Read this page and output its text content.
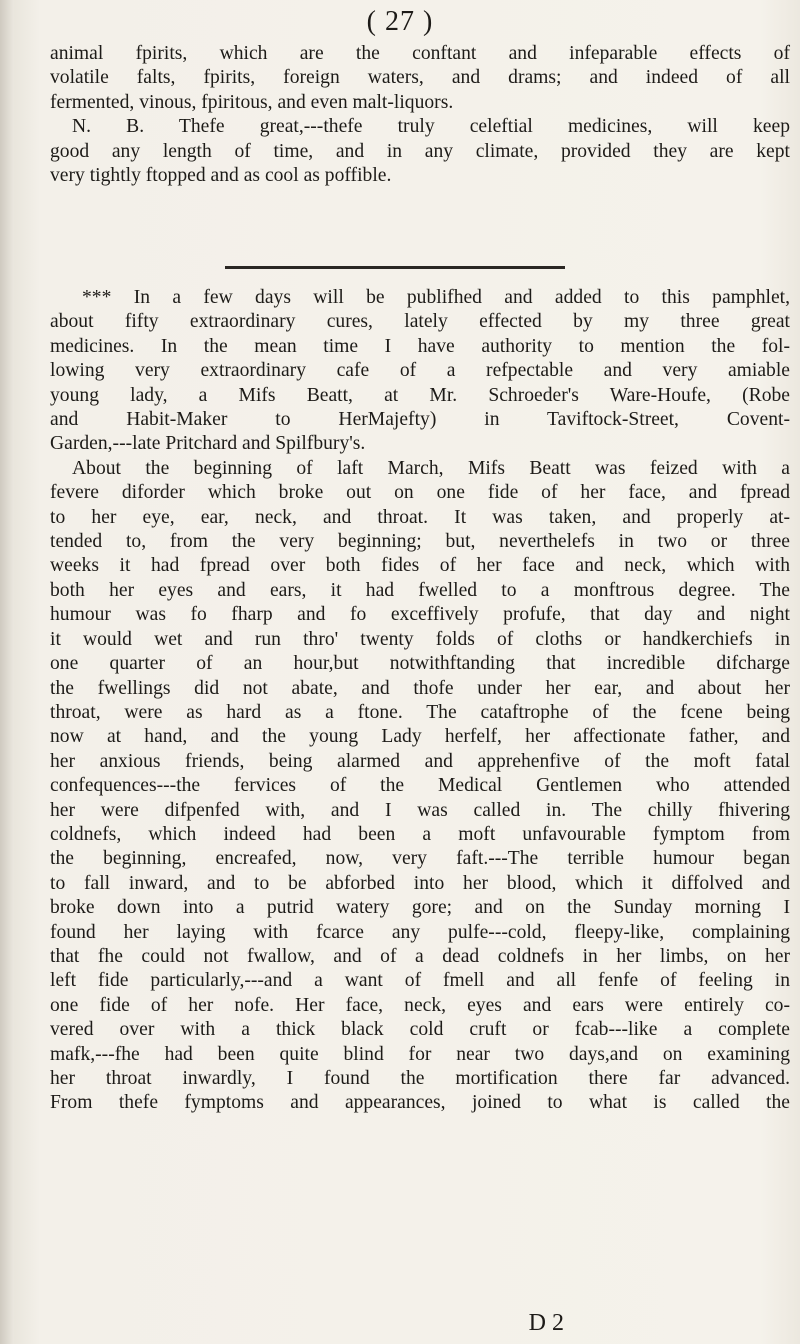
( 27 )

animal fpirits, which are the conftant and infeparable effects of
volatile falts, fpirits, foreign waters, and drams; and indeed of all
fermented, vinous, fpiritous, and even malt-liquors.

N. B. Thefe great,---thefe truly celeftial medicines, will keep
good any length of time, and in any climate, provided they are kept
very tightly ftopped and as cool as poffible.

*** In a few days will be publifhed and added to this pamphlet,
about fifty extraordinary cures, lately effected by my three great
medicines. In the mean time I have authority to mention the fol-
lowing very extraordinary cafe of a refpectable and very amiable
young lady, a Mifs Beatt, at Mr. Schroeder's Ware-Houfe, (Robe
and Habit-Maker to HerMajefty) in Taviftock-Street, Covent-
Garden,---late Pritchard and Spilfbury's.

About the beginning of laft March, Mifs Beatt was feized with a
fevere diforder which broke out on one fide of her face, and fpread
to her eye, ear, neck, and throat. It was taken, and properly at-
tended to, from the very beginning; but, neverthelefs in two or three
weeks it had fpread over both fides of her face and neck, which with
both her eyes and ears, it had fwelled to a monftrous degree. The
humour was fo fharp and fo exceffively profufe, that day and night
it would wet and run thro' twenty folds of cloths or handkerchiefs in
one quarter of an hour,but notwithftanding that incredible difcharge
the fwellings did not abate, and thofe under her ear, and about her
throat, were as hard as a ftone. The cataftrophe of the fcene being
now at hand, and the young Lady herfelf, her affectionate father, and
her anxious friends, being alarmed and apprehenfive of the moft fatal
confequences---the fervices of the Medical Gentlemen who attended
her were difpenfed with, and I was called in. The chilly fhivering
coldnefs, which indeed had been a moft unfavourable fymptom from
the beginning, encreafed, now, very faft.---The terrible humour began
to fall inward, and to be abforbed into her blood, which it diffolved and
broke down into a putrid watery gore; and on the Sunday morning I
found her laying with fcarce any pulfe---cold, fleepy-like, complaining
that fhe could not fwallow, and of a dead coldnefs in her limbs, on her
left fide particularly,---and a want of fmell and all fenfe of feeling in
one fide of her nofe. Her face, neck, eyes and ears were entirely co-
vered over with a thick black cold cruft or fcab---like a complete
mafk,---fhe had been quite blind for near two days,and on examining
her throat inwardly, I found the mortification there far advanced.
From thefe fymptoms and appearances, joined to what is called the

D 2
